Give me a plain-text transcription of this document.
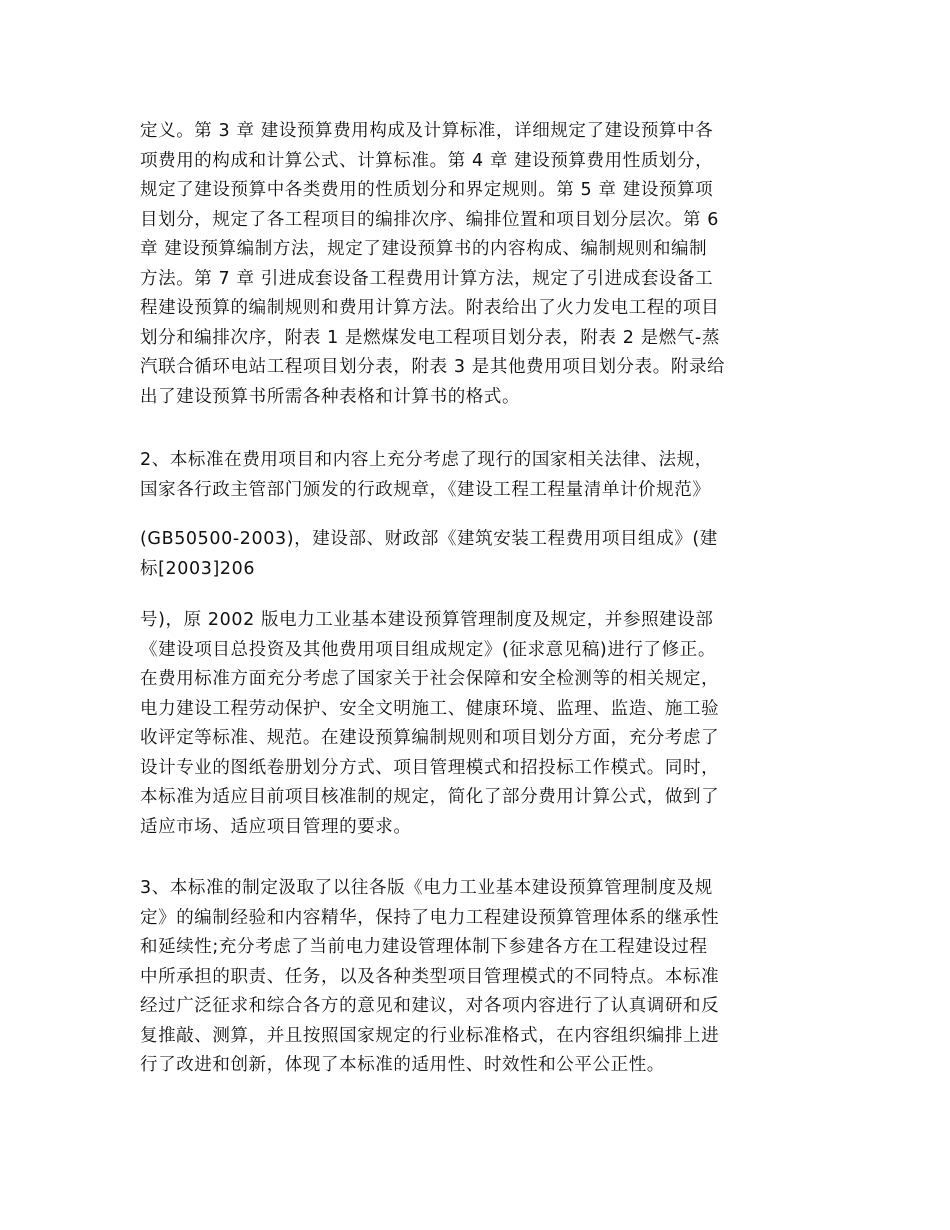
定义。第 3 章 建设预算费用构成及计算标准，详细规定了建设预算中各
项费用的构成和计算公式、计算标准。第 4 章 建设预算费用性质划分，
规定了建设预算中各类费用的性质划分和界定规则。第 5 章 建设预算项
目划分，规定了各工程项目的编排次序、编排位置和项目划分层次。第 6
章 建设预算编制方法，规定了建设预算书的内容构成、编制规则和编制
方法。第 7 章 引进成套设备工程费用计算方法，规定了引进成套设备工
程建设预算的编制规则和费用计算方法。附表给出了火力发电工程的项目
划分和编排次序，附表 1 是燃煤发电工程项目划分表，附表 2 是燃气-蒸
汽联合循环电站工程项目划分表，附表 3 是其他费用项目划分表。附录给
出了建设预算书所需各种表格和计算书的格式。
2、本标准在费用项目和内容上充分考虑了现行的国家相关法律、法规，
国家各行政主管部门颁发的行政规章，《建设工程工程量清单计价规范》
(GB50500-2003)，建设部、财政部《建筑安装工程费用项目组成》(建
标[2003]206
号)，原 2002 版电力工业基本建设预算管理制度及规定，并参照建设部
《建设项目总投资及其他费用项目组成规定》(征求意见稿)进行了修正。
在费用标准方面充分考虑了国家关于社会保障和安全检测等的相关规定，
电力建设工程劳动保护、安全文明施工、健康环境、监理、监造、施工验
收评定等标准、规范。在建设预算编制规则和项目划分方面，充分考虑了
设计专业的图纸卷册划分方式、项目管理模式和招投标工作模式。同时，
本标准为适应目前项目核准制的规定，简化了部分费用计算公式，做到了
适应市场、适应项目管理的要求。
3、本标准的制定汲取了以往各版《电力工业基本建设预算管理制度及规
定》的编制经验和内容精华，保持了电力工程建设预算管理体系的继承性
和延续性;充分考虑了当前电力建设管理体制下参建各方在工程建设过程
中所承担的职责、任务，以及各种类型项目管理模式的不同特点。本标准
经过广泛征求和综合各方的意见和建议，对各项内容进行了认真调研和反
复推敲、测算，并且按照国家规定的行业标准格式，在内容组织编排上进
行了改进和创新，体现了本标准的适用性、时效性和公平公正性。
